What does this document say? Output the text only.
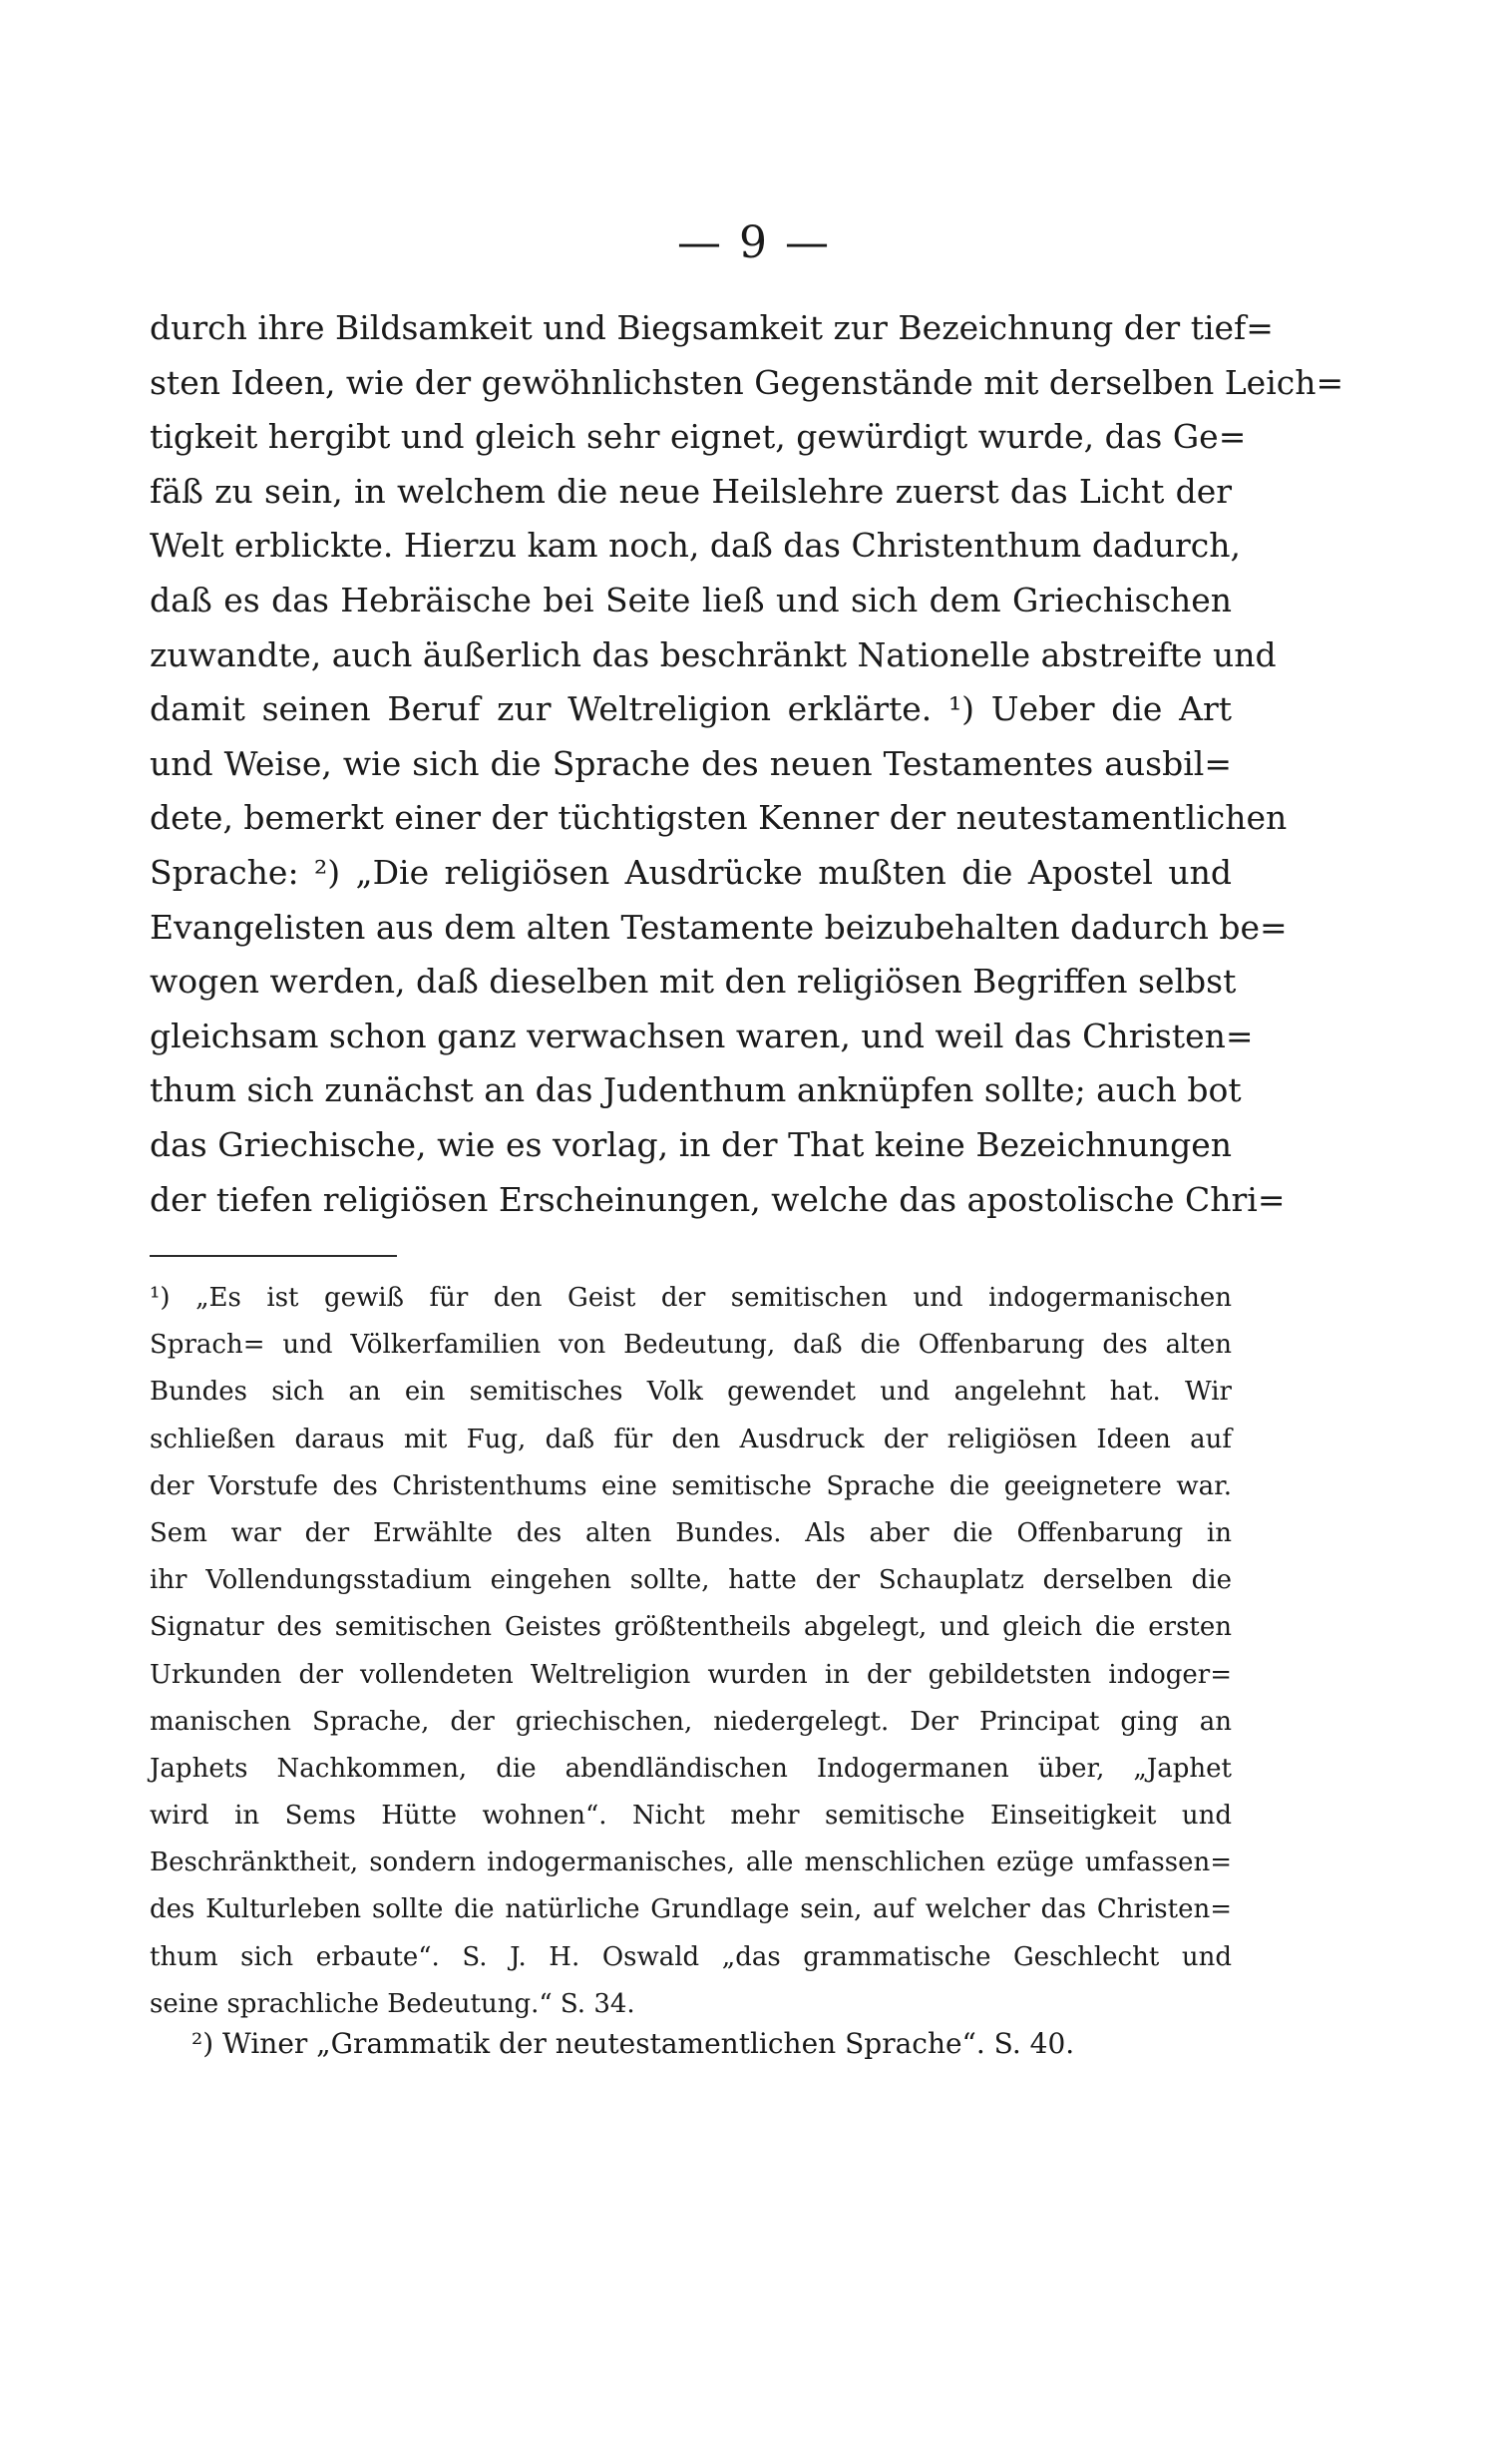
— 9 —
durch ihre Bildsamkeit und Biegsamkeit zur Bezeichnung der tief=
sten Ideen, wie der gewöhnlichsten Gegenstände mit derselben Leich=
tigkeit hergibt und gleich sehr eignet, gewürdigt wurde, das Ge=
fäß zu sein, in welchem die neue Heilslehre zuerst das Licht der
Welt erblickte. Hierzu kam noch, daß das Christenthum dadurch,
daß es das Hebräische bei Seite ließ und sich dem Griechischen
zuwandte, auch äußerlich das beschränkt Nationelle abstreifte und
damit seinen Beruf zur Weltreligion erklärte. ¹) Ueber die Art
und Weise, wie sich die Sprache des neuen Testamentes ausbil=
dete, bemerkt einer der tüchtigsten Kenner der neutestamentlichen
Sprache: ²) „Die religiösen Ausdrücke mußten die Apostel und
Evangelisten aus dem alten Testamente beizubehalten dadurch be=
wogen werden, daß dieselben mit den religiösen Begriffen selbst
gleichsam schon ganz verwachsen waren, und weil das Christen=
thum sich zunächst an das Judenthum anknüpfen sollte; auch bot
das Griechische, wie es vorlag, in der That keine Bezeichnungen
der tiefen religiösen Erscheinungen, welche das apostolische Chri=
¹) „Es ist gewiß für den Geist der semitischen und indogermanischen
Sprach= und Völkerfamilien von Bedeutung, daß die Offenbarung des alten
Bundes sich an ein semitisches Volk gewendet und angelehnt hat. Wir
schließen daraus mit Fug, daß für den Ausdruck der religiösen Ideen auf
der Vorstufe des Christenthums eine semitische Sprache die geeignetere war.
Sem war der Erwählte des alten Bundes. Als aber die Offenbarung in
ihr Vollendungsstadium eingehen sollte, hatte der Schauplatz derselben die
Signatur des semitischen Geistes größtentheils abgelegt, und gleich die ersten
Urkunden der vollendeten Weltreligion wurden in der gebildetsten indoger=
manischen Sprache, der griechischen, niedergelegt. Der Principat ging an
Japhets Nachkommen, die abendländischen Indogermanen über, „Japhet
wird in Sems Hütte wohnen“. Nicht mehr semitische Einseitigkeit und
Beschränktheit, sondern indogermanisches, alle menschlichen ezüge umfassen=
des Kulturleben sollte die natürliche Grundlage sein, auf welcher das Christen=
thum sich erbaute“. S. J. H. Oswald „das grammatische Geschlecht und
seine sprachliche Bedeutung.“ S. 34.
²) Winer „Grammatik der neutestamentlichen Sprache“. S. 40.
